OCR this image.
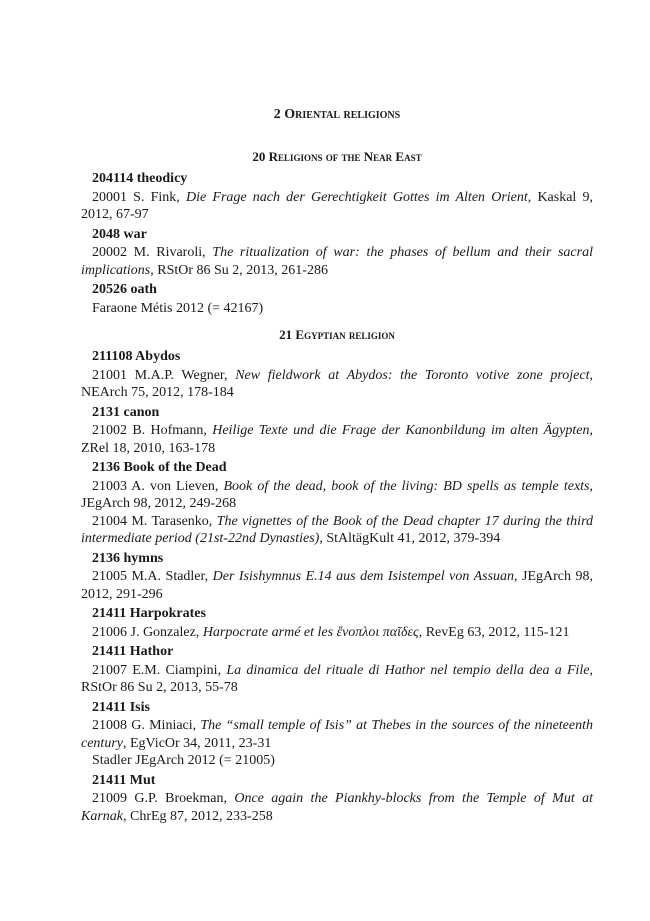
2 Oriental religions
20 Religions of the Near East
204114 theodicy

20001 S. Fink, Die Frage nach der Gerechtigkeit Gottes im Alten Orient, Kaskal 9, 2012, 67-97

2048 war

20002 M. Rivaroli, The ritualization of war: the phases of bellum and their sacral implications, RStOr 86 Su 2, 2013, 261-286

20526 oath

Faraone Métis 2012 (= 42167)

21 Egyptian religion
211108 Abydos

21001 M.A.P. Wegner, New fieldwork at Abydos: the Toronto votive zone project, NEArch 75, 2012, 178-184

2131 canon

21002 B. Hofmann, Heilige Texte und die Frage der Kanonbildung im alten Ägypten, ZRel 18, 2010, 163-178

2136 Book of the Dead

21003 A. von Lieven, Book of the dead, book of the living: BD spells as temple texts, JEgArch 98, 2012, 249-268

21004 M. Tarasenko, The vignettes of the Book of the Dead chapter 17 during the third intermediate period (21st-22nd Dynasties), StAltägKult 41, 2012, 379-394

2136 hymns

21005 M.A. Stadler, Der Isishymnus E.14 aus dem Isistempel von Assuan, JEgArch 98, 2012, 291-296

21411 Harpokrates

21006 J. Gonzalez, Harpocrate armé et les ἔνοπλοι παῖδες, RevEg 63, 2012, 115-121

21411 Hathor

21007 E.M. Ciampini, La dinamica del rituale di Hathor nel tempio della dea a File, RStOr 86 Su 2, 2013, 55-78

21411 Isis

21008 G. Miniaci, The “small temple of Isis” at Thebes in the sources of the nineteenth century, EgVicOr 34, 2011, 23-31

Stadler JEgArch 2012 (= 21005)

21411 Mut

21009 G.P. Broekman, Once again the Piankhy-blocks from the Temple of Mut at Karnak, ChrEg 87, 2012, 233-258
